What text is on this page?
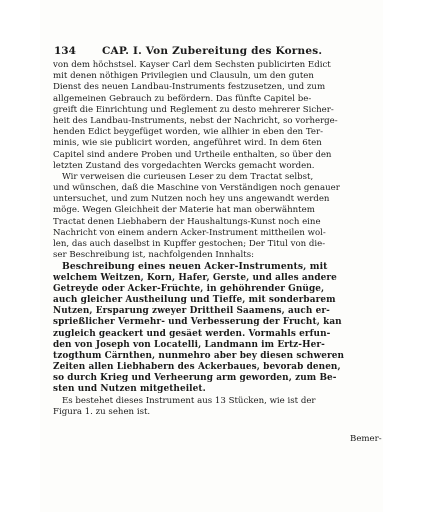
134 CAP. I. Von Zubereitung des Kornes.
von dem höchstsel. Kayser Carl dem Sechsten publicirten Edict
mit denen nöthigen Privilegien und Clausuln, um den guten
Dienst des neuen Landbau-Instruments festzusetzen, und zum
allgemeinen Gebrauch zu befördern. Das fünfte Capitel be-
greift die Einrichtung und Reglement zu desto mehrerer Sicher-
heit des Landbau-Instruments, nebst der Nachricht, so vorherge-
henden Edict beygefüget worden, wie allhier in eben den Ter-
minis, wie sie publicirt worden, angeführet wird. In dem 6ten
Capitel sind andere Proben und Urtheile enthalten, so über den
letzten Zustand des vorgedachten Wercks gemacht worden.
Wir verweisen die curieusen Leser zu dem Tractat selbst,
und wünschen, daß die Maschine von Verständigen noch genauer
untersuchet, und zum Nutzen noch hey uns angewandt werden
möge. Wegen Gleichheit der Materie hat man oberwähntem
Tractat denen Liebhabern der Haushaltungs-Kunst noch eine
Nachricht von einem andern Acker-Instrument mittheilen wol-
len, das auch daselbst in Kupffer gestochen; Der Titul von die-
ser Beschreibung ist, nachfolgenden Innhalts:
Beschreibung eines neuen Acker-Instruments, mit
welchem Weitzen, Korn, Hafer, Gerste, und alles andere
Getreyde oder Acker-Früchte, in gehöhrender Gnüge,
auch gleicher Austheilung und Tieffe, mit sonderbarem
Nutzen, Ersparung zweyer Drittheil Saamens, auch er-
sprießlicher Vermehr- und Verbesserung der Frucht, kan
zugleich geackert und gesäet werden. Vormahls erfun-
den von Joseph von Locatelli, Landmann im Ertz-Her-
tzogthum Cärnthen, nunmehro aber bey diesen schweren
Zeiten allen Liebhabern des Ackerbaues, bevorab denen,
so durch Krieg und Verheerung arm geworden, zum Be-
sten und Nutzen mitgetheilet.
Es bestehet dieses Instrument aus 13 Stücken, wie ist der
Figura 1. zu sehen ist.
Bemer-
